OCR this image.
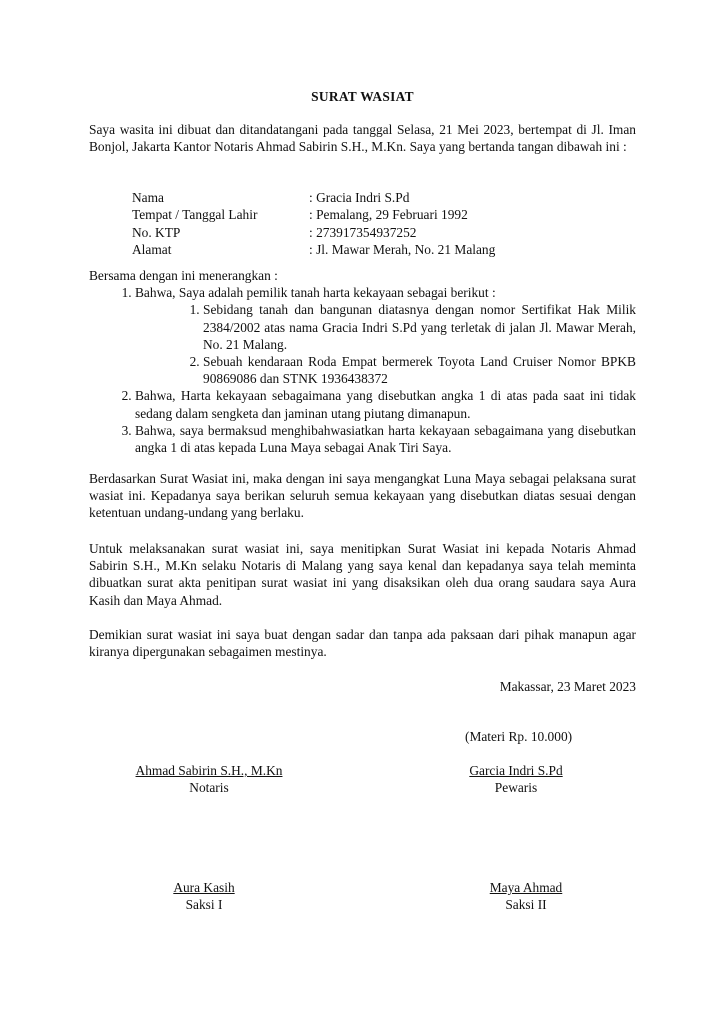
SURAT WASIAT

Saya wasita ini dibuat dan ditandatangani pada tanggal Selasa, 21 Mei 2023, bertempat di Jl. Iman Bonjol, Jakarta Kantor Notaris Ahmad Sabirin S.H., M.Kn. Saya yang bertanda tangan dibawah ini :

Nama	: Gracia Indri S.Pd
Tempat / Tanggal Lahir	: Pemalang, 29 Februari 1992
No. KTP	: 273917354937252
Alamat	: Jl. Mawar Merah, No. 21 Malang

Bersama dengan ini menerangkan :

1. Bahwa, Saya adalah pemilik tanah harta kekayaan sebagai berikut :
1. Sebidang tanah dan bangunan diatasnya dengan nomor Sertifikat Hak Milik 2384/2002 atas nama Gracia Indri S.Pd yang terletak di jalan Jl. Mawar Merah, No. 21 Malang.
2. Sebuah kendaraan Roda Empat bermerek Toyota Land Cruiser Nomor BPKB 90869086 dan STNK 1936438372
2. Bahwa, Harta kekayaan sebagaimana yang disebutkan angka 1 di atas pada saat ini tidak sedang dalam sengketa dan jaminan utang piutang dimanapun.
3. Bahwa, saya bermaksud menghibahwasiatkan harta kekayaan sebagaimana yang disebutkan angka 1 di atas kepada Luna Maya sebagai Anak Tiri Saya.

Berdasarkan Surat Wasiat ini, maka dengan ini saya mengangkat Luna Maya sebagai pelaksana surat wasiat ini. Kepadanya saya berikan seluruh semua kekayaan yang disebutkan diatas sesuai dengan ketentuan undang-undang yang berlaku.

Untuk melaksanakan surat wasiat ini, saya menitipkan Surat Wasiat ini kepada Notaris Ahmad Sabirin S.H., M.Kn selaku Notaris di Malang yang saya kenal dan kepadanya saya telah meminta dibuatkan surat akta penitipan surat wasiat ini yang disaksikan oleh dua orang saudara saya Aura Kasih dan Maya Ahmad.

Demikian surat wasiat ini saya buat dengan sadar dan tanpa ada paksaan dari pihak manapun agar kiranya dipergunakan sebagaimen mestinya.

Makassar, 23 Maret 2023
(Materi Rp. 10.000)
Ahmad Sabirin S.H., M.Kn
Notaris
Garcia Indri S.Pd
Pewaris
Aura Kasih
Saksi I
Maya Ahmad
Saksi II
